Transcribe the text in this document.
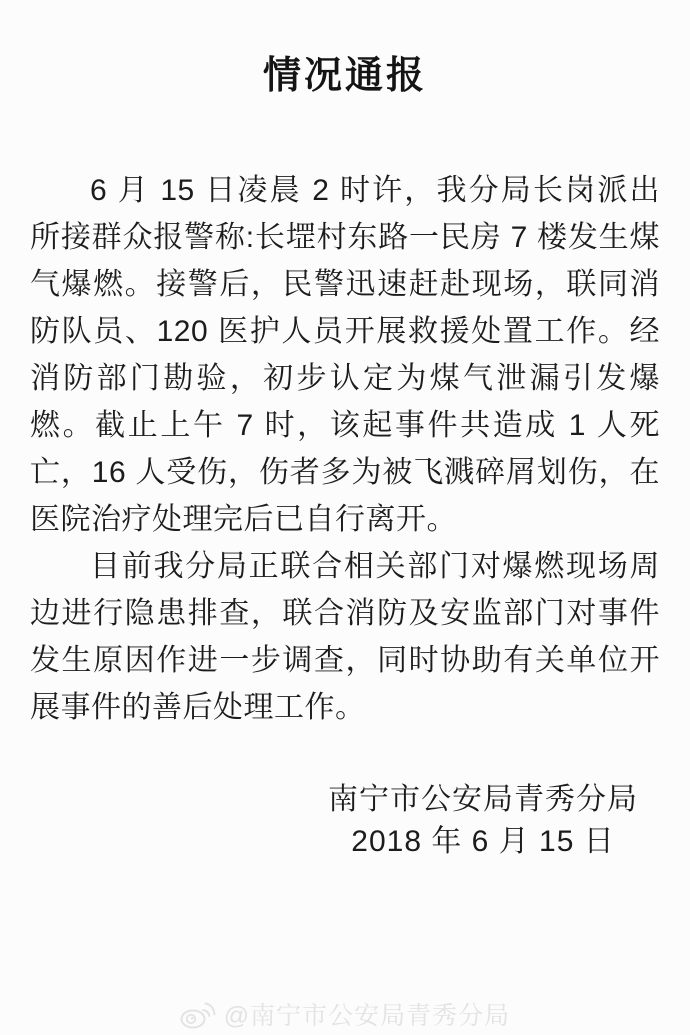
情况通报

6 月 15 日凌晨 2 时许，我分局长岗派出所接群众报警称:长堽村东路一民房 7 楼发生煤气爆燃。接警后，民警迅速赶赴现场，联同消防队员、120 医护人员开展救援处置工作。经消防部门勘验，初步认定为煤气泄漏引发爆燃。截止上午 7 时，该起事件共造成 1 人死亡，16 人受伤，伤者多为被飞溅碎屑划伤，在医院治疗处理完后已自行离开。

目前我分局正联合相关部门对爆燃现场周边进行隐患排查，联合消防及安监部门对事件发生原因作进一步调查，同时协助有关单位开展事件的善后处理工作。

南宁市公安局青秀分局
2018 年 6 月 15 日
@南宁市公安局青秀分局
